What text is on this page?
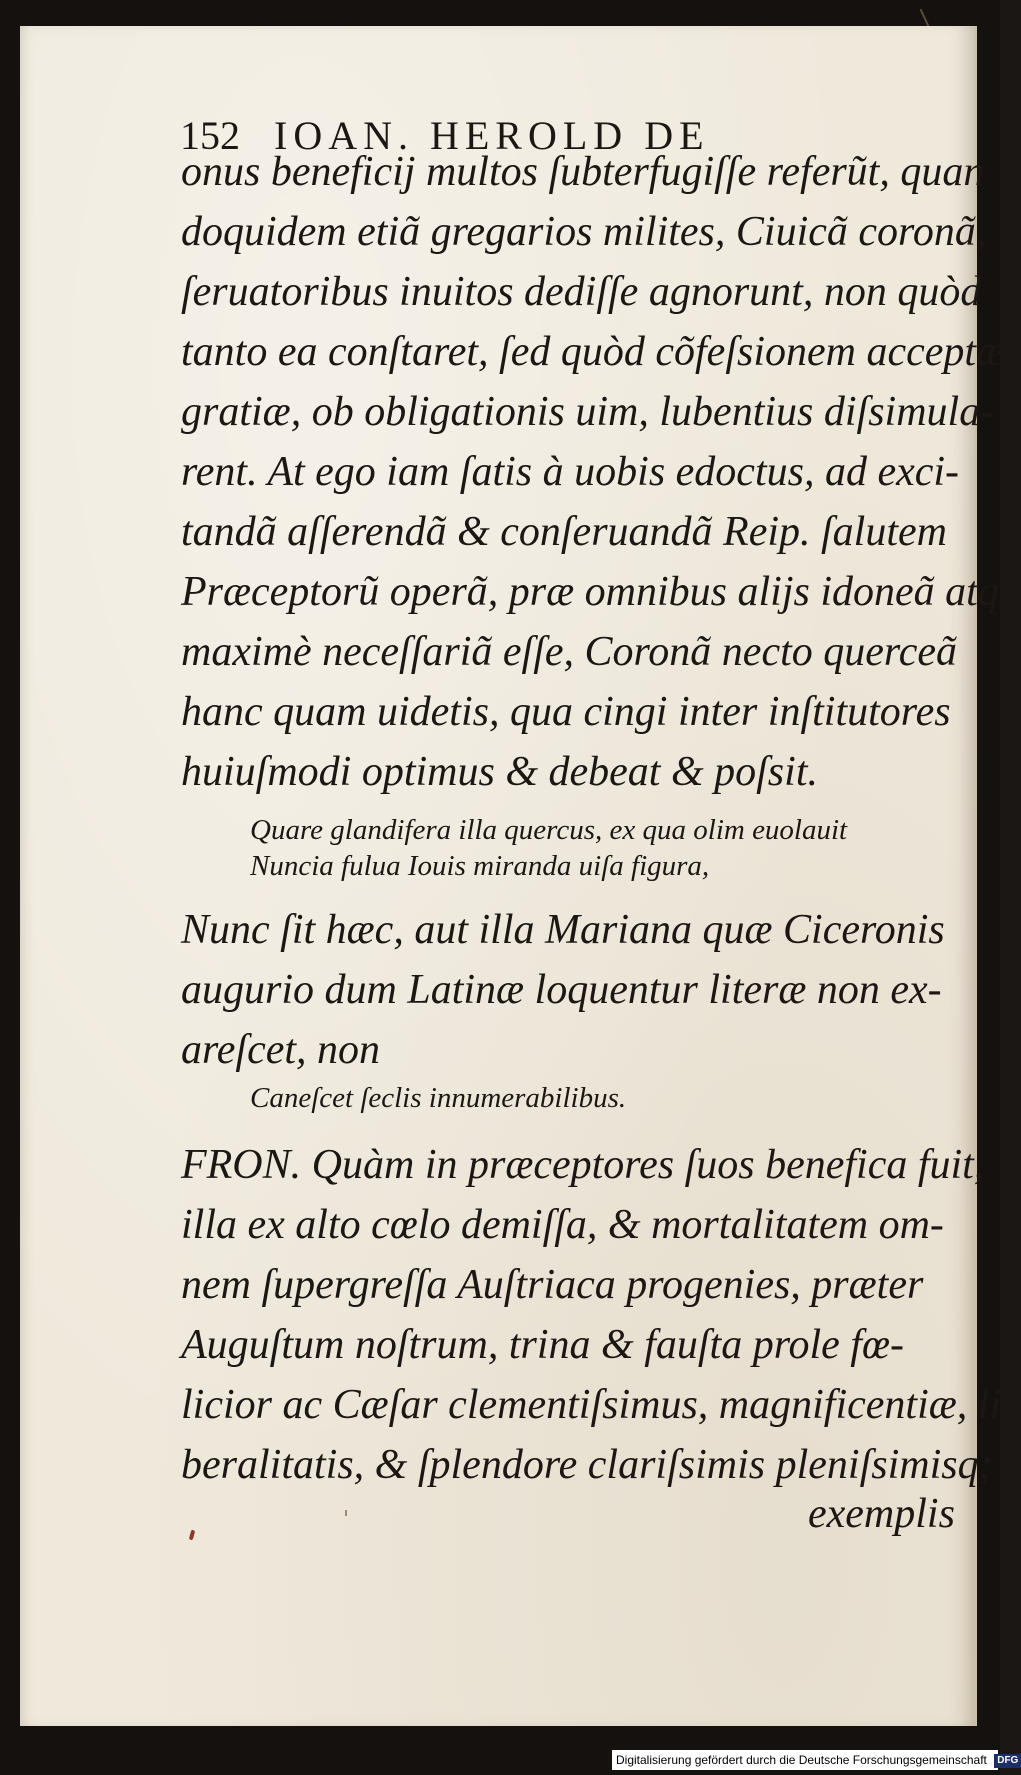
152 IOAN. HEROLD DE
onus beneficij multos ſubterfugiſſe referũt, quan
doquidem etiã gregarios milites, Ciuicã coronã,
ſeruatoribus inuitos dediſſe agnorunt, non quòd
tanto ea conſtaret, ſed quòd cõfeſsionem acceptæ
gratiæ, ob obligationis uim, lubentius diſsimula-
rent. At ego iam ſatis à uobis edoctus, ad exci-
tandã aſſerendã & conſeruandã Reip. ſalutem
Præceptorũ operã, præ omnibus alijs idoneã atq;
maximè neceſſariã eſſe, Coronã necto querceã
hanc quam uidetis, qua cingi inter inſtitutores
huiuſmodi optimus & debeat & poſsit.
Quare glandifera illa quercus, ex qua olim euolauit
Nuncia fulua Iouis miranda uiſa figura,
Nunc ſit hæc, aut illa Mariana quæ Ciceronis
augurio dum Latinæ loquentur literæ non ex-
areſcet, non
Caneſcet ſeclis innumerabilibus.
FRON. Quàm in præceptores ſuos benefica fuit,
illa ex alto cœlo demiſſa, & mortalitatem om-
nem ſupergreſſa Auſtriaca progenies, præter
Auguſtum noſtrum, trina & fauſta prole fœ-
licior ac Cæſar clementiſsimus, magnificentiæ, li
beralitatis, & ſplendore clariſsimis pleniſsimisq;
exemplis
Digitalisierung gefördert durch die Deutsche Forschungsgemeinschaft DFG
